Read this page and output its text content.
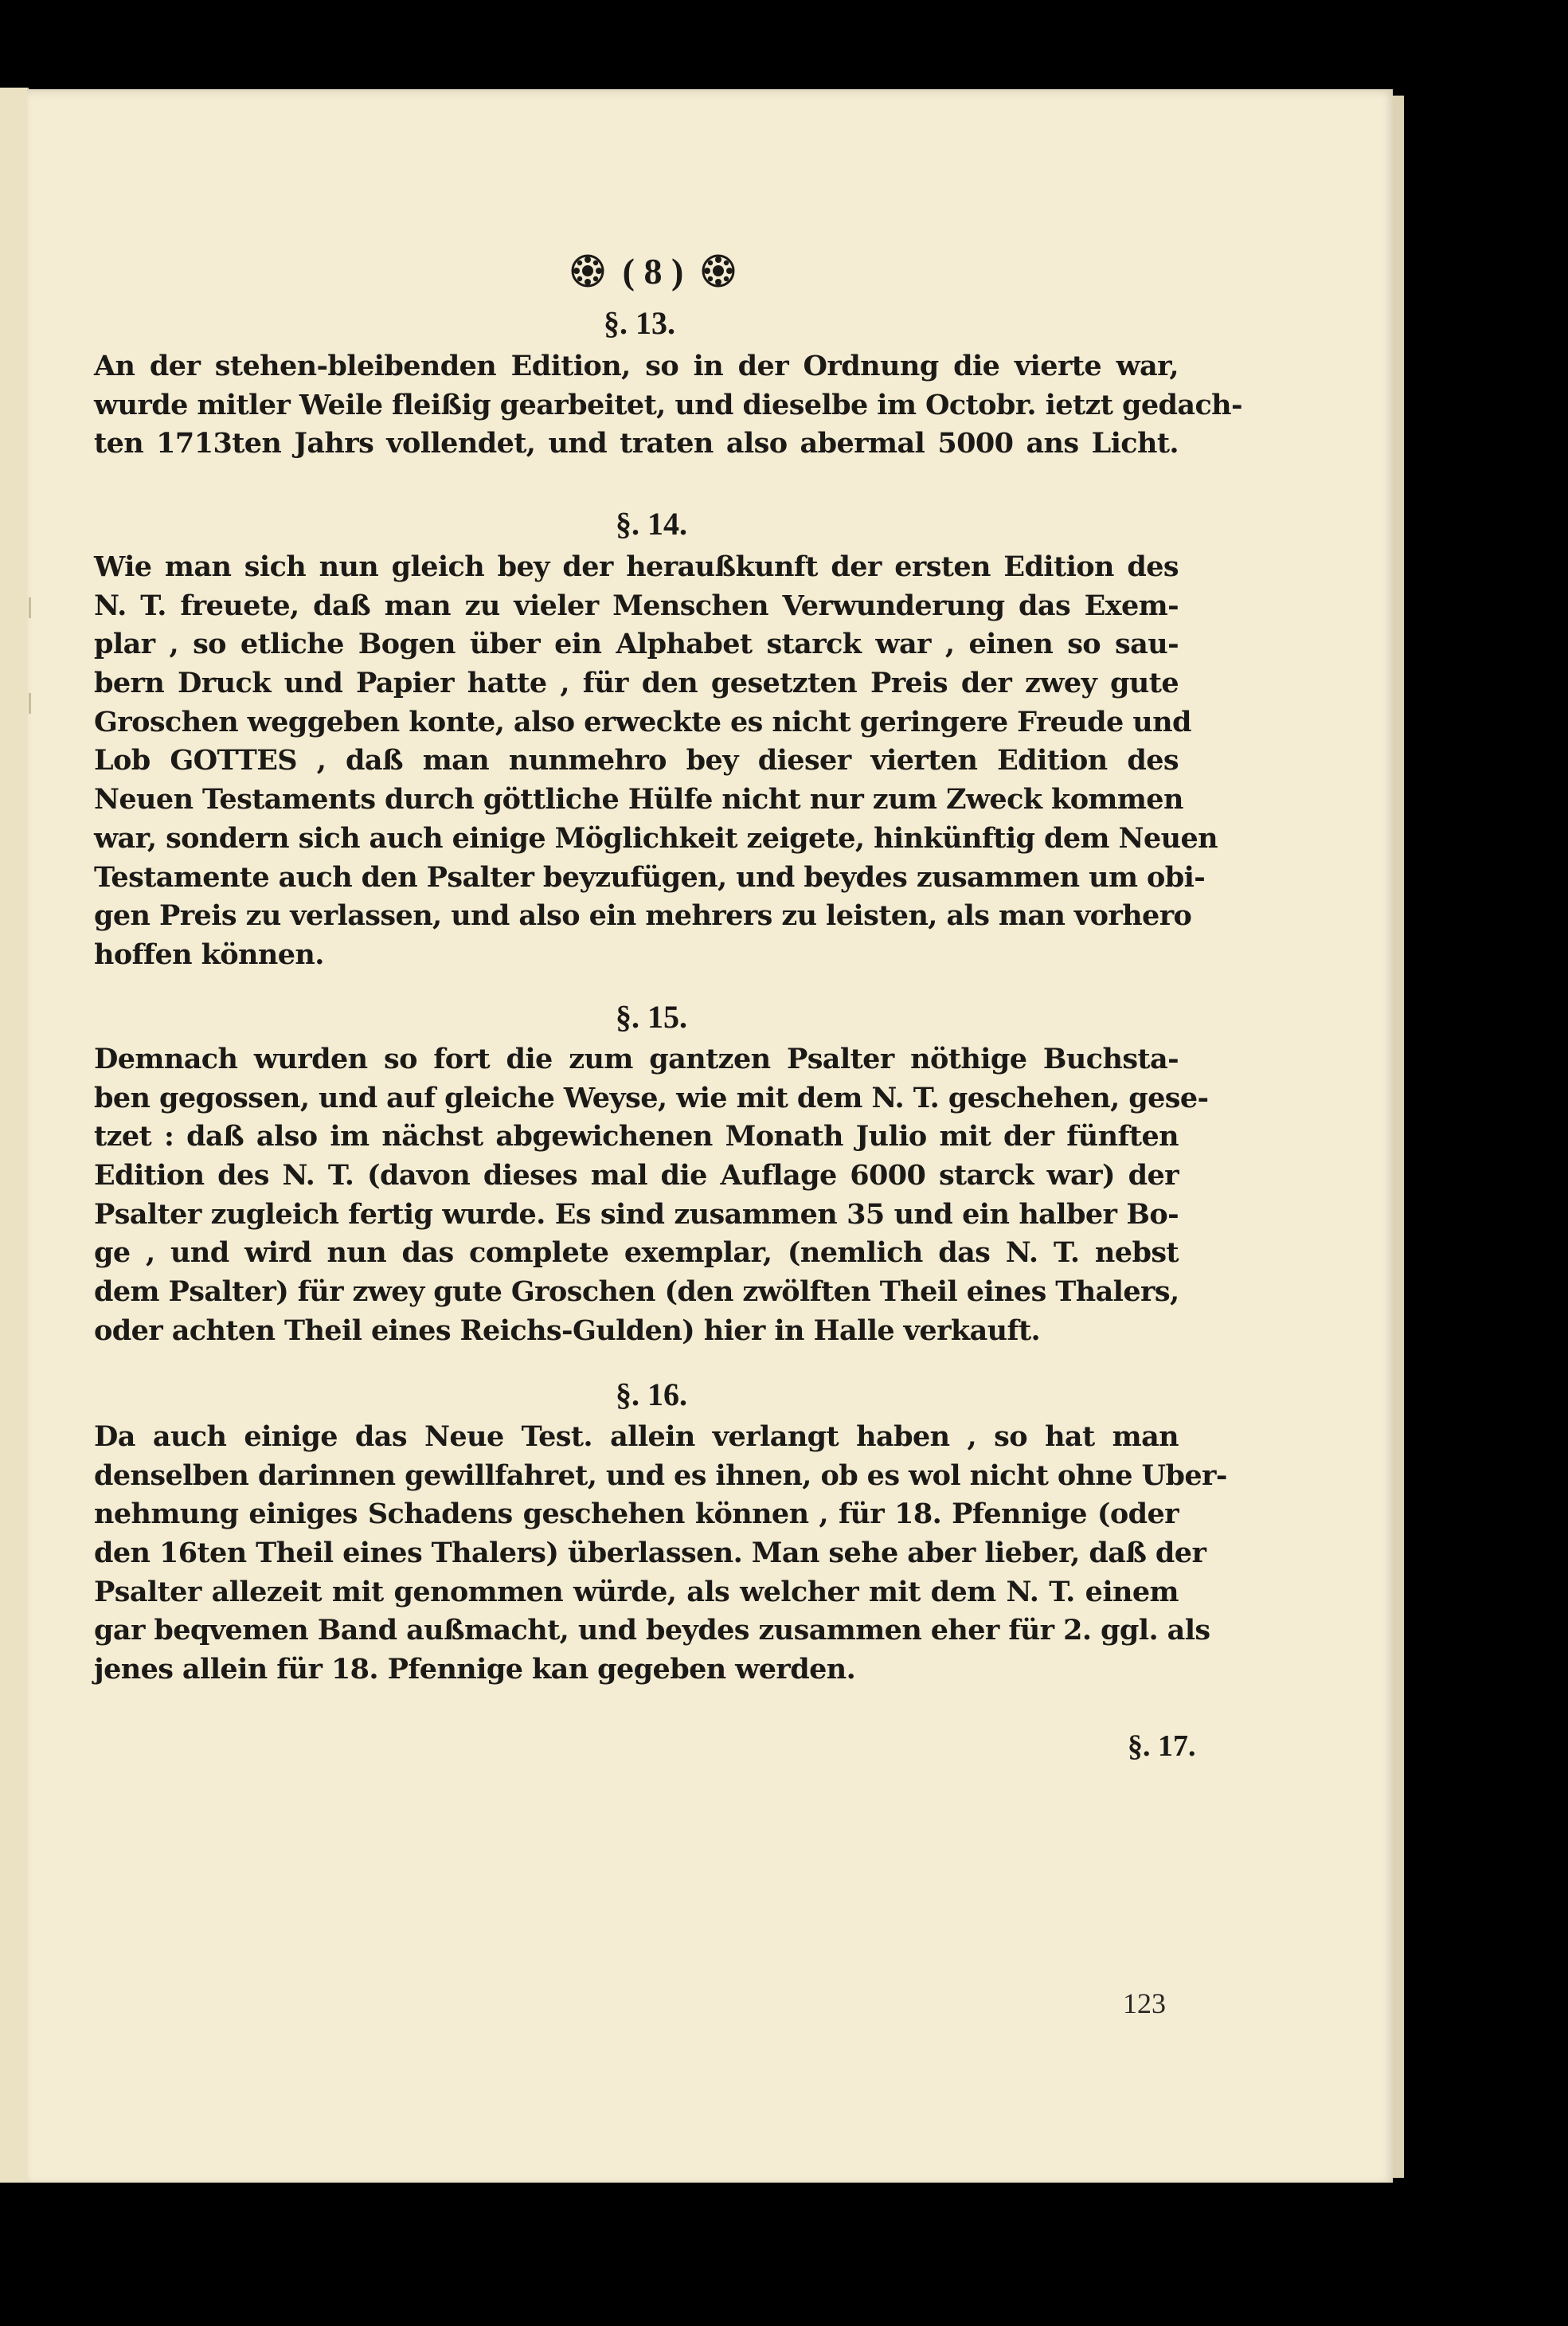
( 8 )
§. 13.
An der stehen-bleibenden Edition, so in der Ordnung die vierte war,
wurde mitler Weile fleißig gearbeitet, und dieselbe im Octobr. ietzt gedach-
ten 1713ten Jahrs vollendet, und traten also abermal 5000 ans Licht.
§. 14.
Wie man sich nun gleich bey der heraußkunft der ersten Edition des
N. T. freuete, daß man zu vieler Menschen Verwunderung das Exem-
plar , so etliche Bogen über ein Alphabet starck war , einen so sau-
bern Druck und Papier hatte , für den gesetzten Preis der zwey gute
Groschen weggeben konte, also erweckte es nicht geringere Freude und
Lob GOTTES , daß man nunmehro bey dieser vierten Edition des
Neuen Testaments durch göttliche Hülfe nicht nur zum Zweck kommen
war, sondern sich auch einige Möglichkeit zeigete, hinkünftig dem Neuen
Testamente auch den Psalter beyzufügen, und beydes zusammen um obi-
gen Preis zu verlassen, und also ein mehrers zu leisten, als man vorhero
hoffen können.
§. 15.
Demnach wurden so fort die zum gantzen Psalter nöthige Buchsta-
ben gegossen, und auf gleiche Weyse, wie mit dem N. T. geschehen, gese-
tzet : daß also im nächst abgewichenen Monath Julio mit der fünften
Edition des N. T. (davon dieses mal die Auflage 6000 starck war) der
Psalter zugleich fertig wurde. Es sind zusammen 35 und ein halber Bo-
ge , und wird nun das complete exemplar, (nemlich das N. T. nebst
dem Psalter) für zwey gute Groschen (den zwölften Theil eines Thalers,
oder achten Theil eines Reichs-Gulden) hier in Halle verkauft.
§. 16.
Da auch einige das Neue Test. allein verlangt haben , so hat man
denselben darinnen gewillfahret, und es ihnen, ob es wol nicht ohne Uber-
nehmung einiges Schadens geschehen können , für 18. Pfennige (oder
den 16ten Theil eines Thalers) überlassen. Man sehe aber lieber, daß der
Psalter allezeit mit genommen würde, als welcher mit dem N. T. einem
gar beqvemen Band außmacht, und beydes zusammen eher für 2. ggl. als
jenes allein für 18. Pfennige kan gegeben werden.
§. 17.
123
